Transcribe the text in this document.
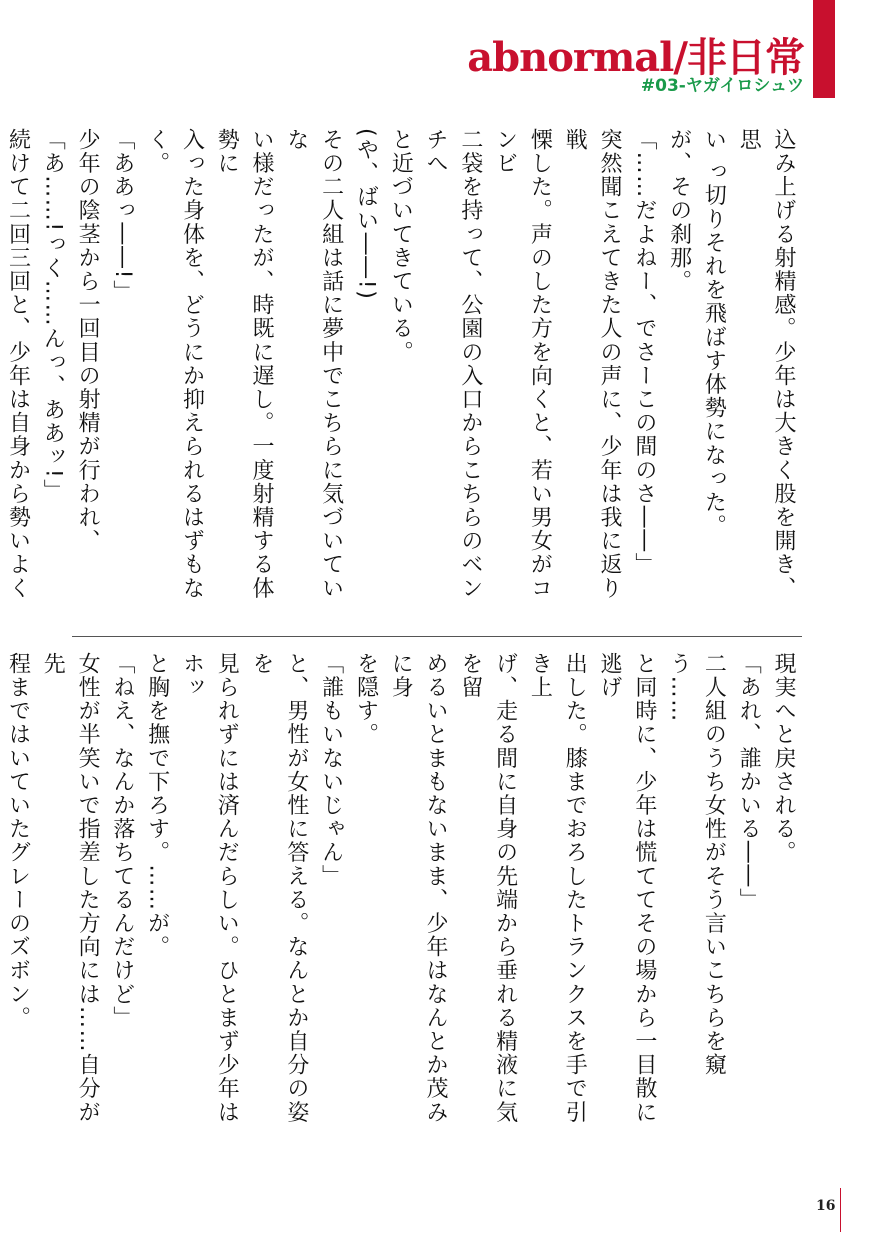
abnormal/非日常
#03-ヤガイロシュツ

込み上げる射精感。少年は大きく股を開き、思

い っ切りそれを飛ばす体勢になった。

が、その刹那。

「……だよねー、でさーこの間のさ――」

突然聞こえてきた人の声に、少年は我に返り戦

慄した。声のした方を向くと、若い男女がコンビ

二袋を持って、公園の入口からこちらのベンチへ

と近づいてきている。

(や、ばい――!)

その二人組は話に夢中でこちらに気づいていな

い様だったが、時既に遅し。一度射精する体勢に

入った身体を、どうにか抑えられるはずもなく。

「ああっ――!」

少年の陰茎から一回目の射精が行われ、

「あ……!っく……んっ、ああッ!」

続けて二回三回と、少年は自身から勢いよく

現実へと戻される。

「あれ、誰かいる――」

二人組のうち女性がそう言いこちらを窺う……

と同時に、少年は慌ててその場から一目散に逃げ

出した。膝までおろしたトランクスを手で引き上

げ、走る間に自身の先端から垂れる精液に気を留

めるいとまもないまま、少年はなんとか茂みに身

を隠す。

「誰もいないじゃん」

と、男性が女性に答える。なんとか自分の姿を

見られずには済んだらしい。ひとまず少年はホッ

と胸を撫で下ろす。……が。

「ねえ、なんか落ちてるんだけど」

女性が半笑いで指差した方向には……自分が先

程まではいていたグレーのズボン。

16
